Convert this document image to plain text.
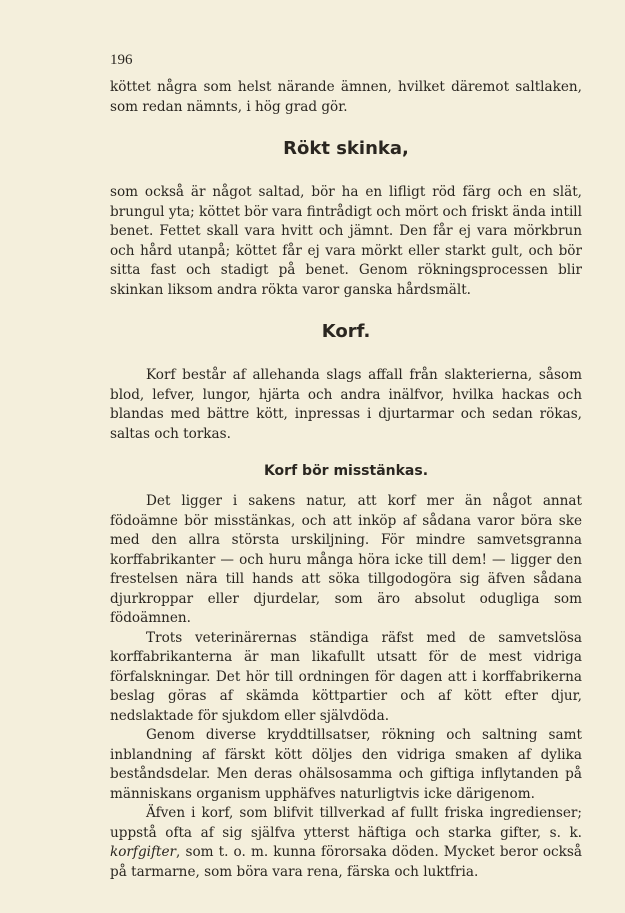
196

köttet några som helst närande ämnen, hvilket däremot saltlaken, som redan nämnts, i hög grad gör.

Rökt skinka,

som också är något saltad, bör ha en lifligt röd färg och en slät, brungul yta; köttet bör vara fintrådigt och mört och friskt ända intill benet. Fettet skall vara hvitt och jämnt. Den får ej vara mörkbrun och hård utanpå; köttet får ej vara mörkt eller starkt gult, och bör sitta fast och stadigt på benet. Genom rökningsprocessen blir skinkan liksom andra rökta varor ganska hårdsmält.

Korf.

Korf består af allehanda slags affall från slakterierna, såsom blod, lefver, lungor, hjärta och andra inälfvor, hvilka hackas och blandas med bättre kött, inpressas i djurtarmar och sedan rökas, saltas och torkas.

Korf bör misstänkas.

Det ligger i sakens natur, att korf mer än något annat födoämne bör misstänkas, och att inköp af sådana varor böra ske med den allra största urskiljning. För mindre samvetsgranna korffabrikanter — och huru många höra icke till dem! — ligger den frestelsen nära till hands att söka tillgodogöra sig äfven sådana djurkroppar eller djurdelar, som äro absolut odugliga som födoämnen.

Trots veterinärernas ständiga räfst med de samvetslösa korffabrikanterna är man likafullt utsatt för de mest vidriga förfalskningar. Det hör till ordningen för dagen att i korffabrikerna beslag göras af skämda köttpartier och af kött efter djur, nedslaktade för sjukdom eller självdöda.

Genom diverse kryddtillsatser, rökning och saltning samt inblandning af färskt kött döljes den vidriga smaken af dylika beståndsdelar. Men deras ohälsosamma och giftiga inflytanden på människans organism upphäfves naturligtvis icke därigenom.

Äfven i korf, som blifvit tillverkad af fullt friska ingredienser; uppstå ofta af sig själfva ytterst häftiga och starka gifter, s. k. korfgifter, som t. o. m. kunna förorsaka döden. Mycket beror också på tarmarne, som böra vara rena, färska och luktfria.
